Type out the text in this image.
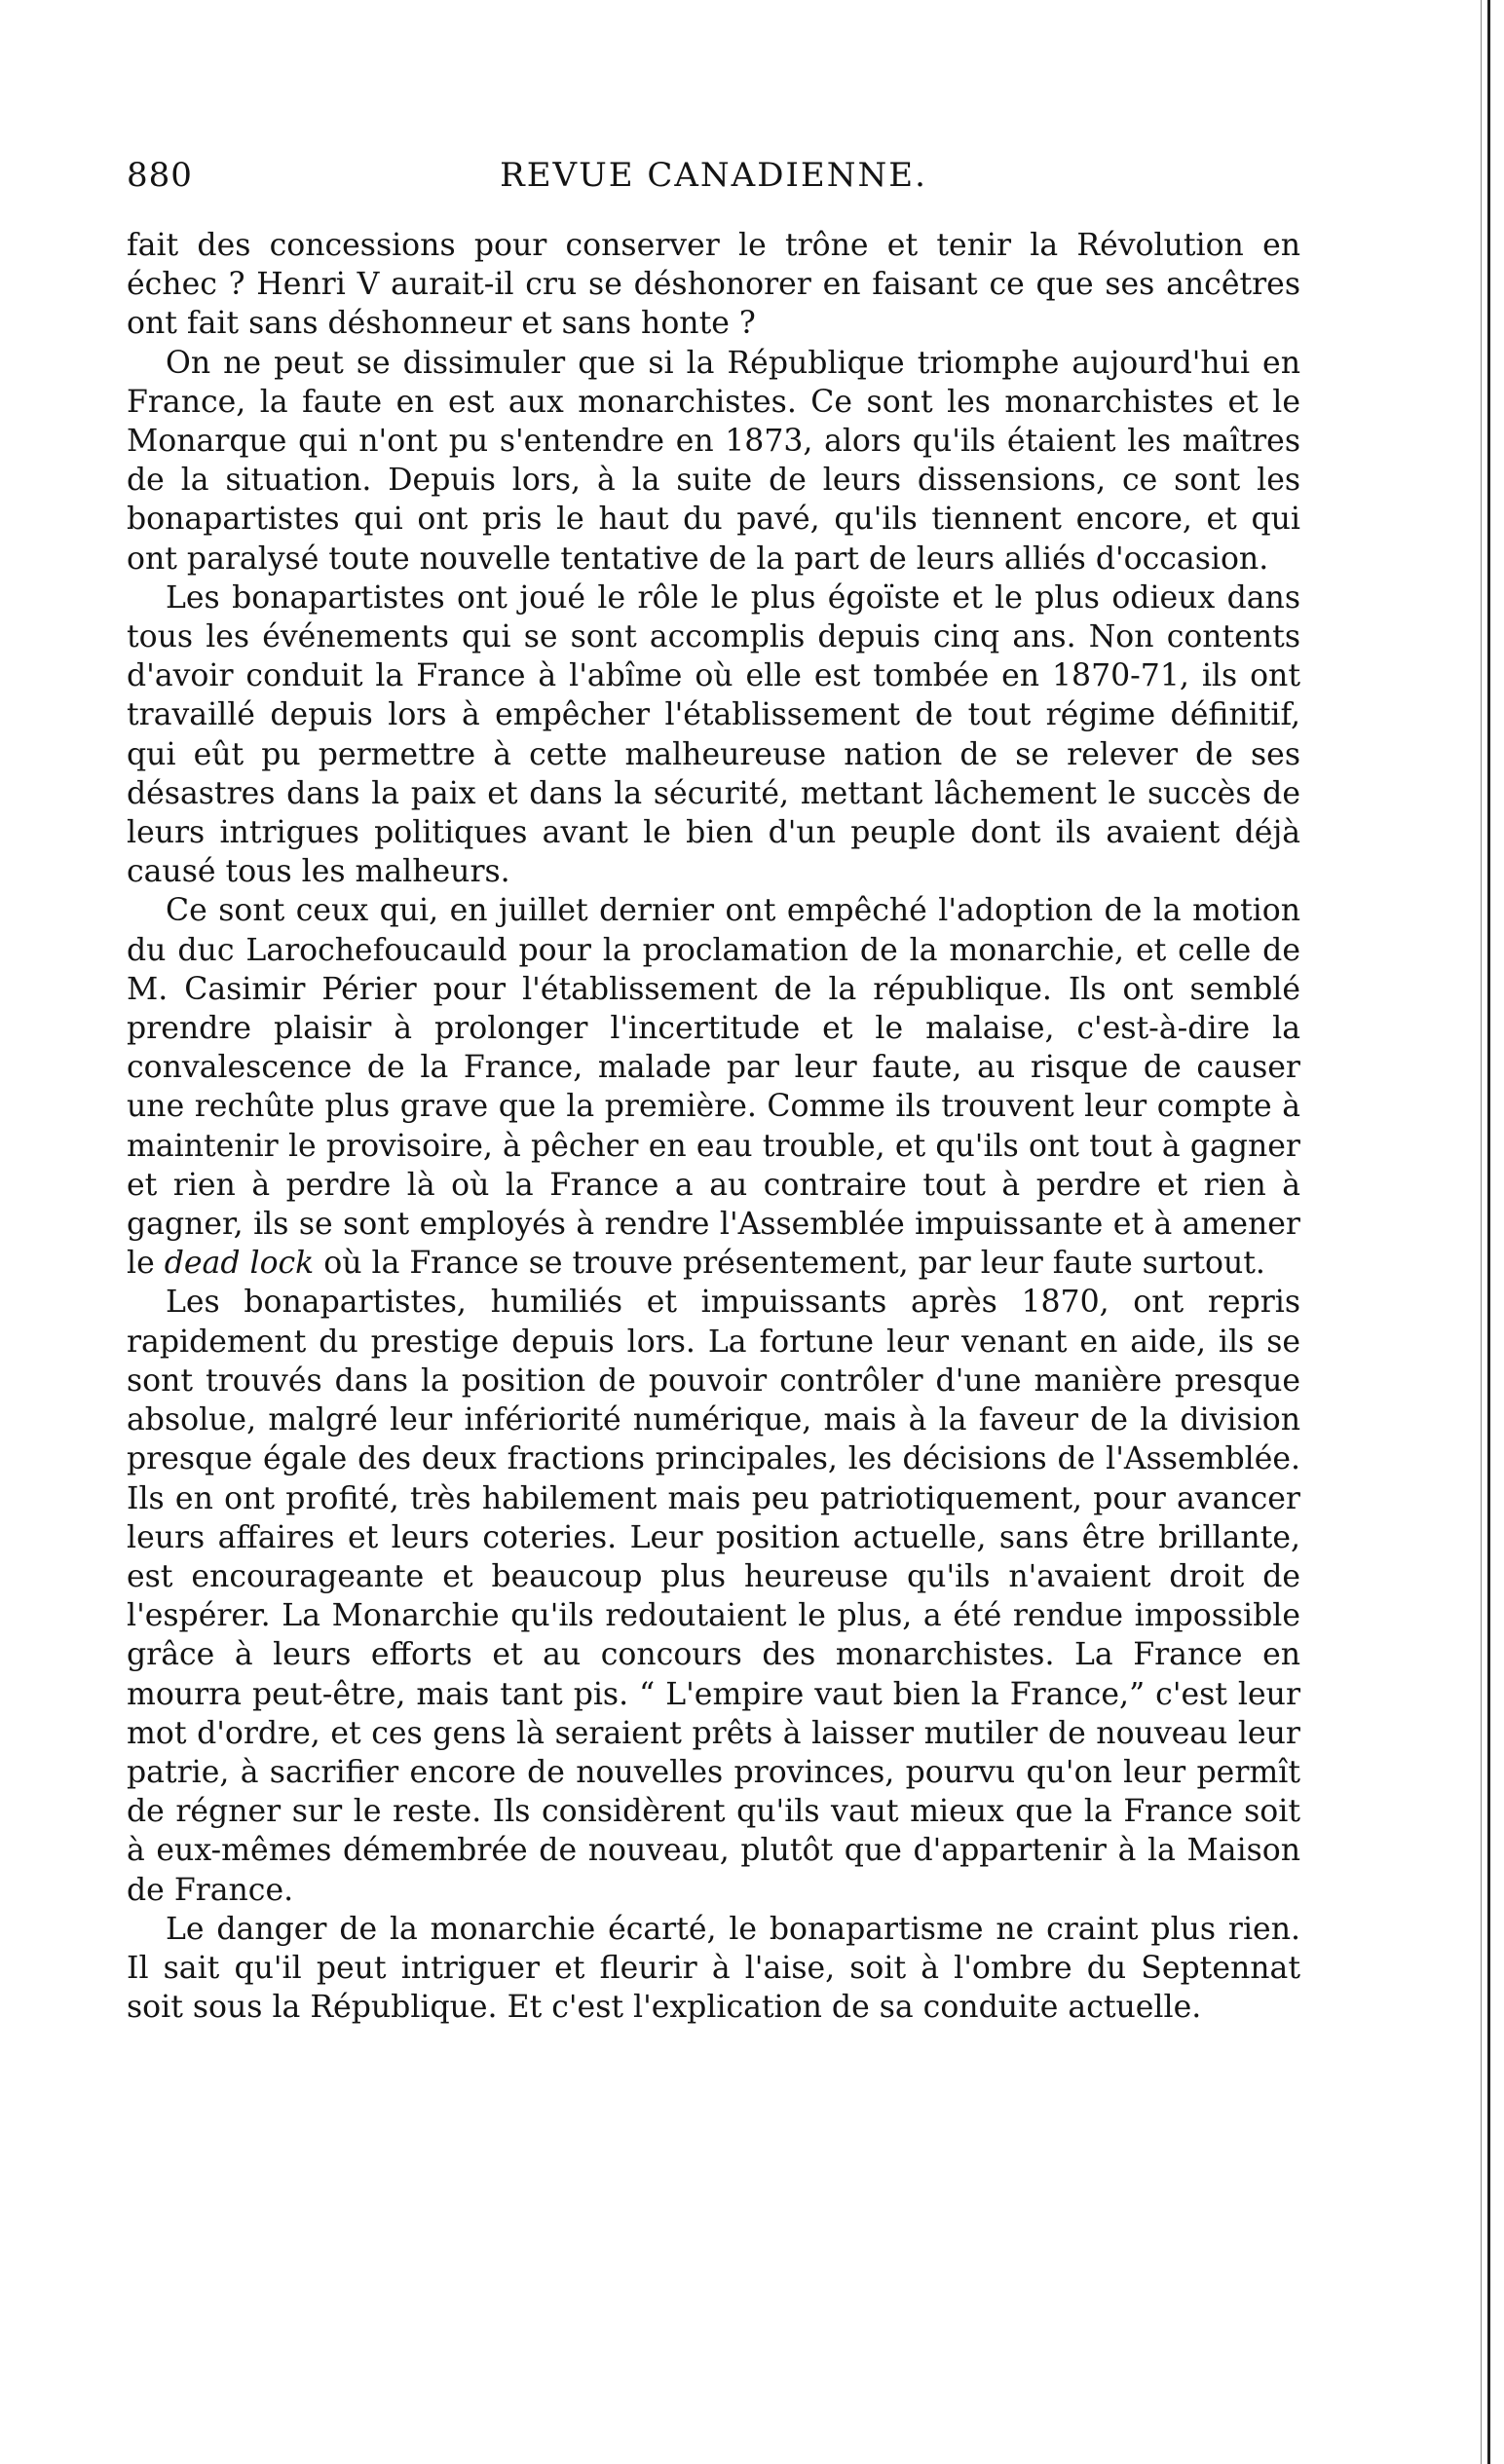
880	REVUE CANADIENNE.

fait des concessions pour conserver le trône et tenir la Révolution en échec ? Henri V aurait-il cru se déshonorer en faisant ce que ses ancêtres ont fait sans déshonneur et sans honte ?

On ne peut se dissimuler que si la République triomphe aujourd'hui en France, la faute en est aux monarchistes. Ce sont les monarchistes et le Monarque qui n'ont pu s'entendre en 1873, alors qu'ils étaient les maîtres de la situation. Depuis lors, à la suite de leurs dissensions, ce sont les bonapartistes qui ont pris le haut du pavé, qu'ils tiennent encore, et qui ont paralysé toute nouvelle tentative de la part de leurs alliés d'occasion.

Les bonapartistes ont joué le rôle le plus égoïste et le plus odieux dans tous les événements qui se sont accomplis depuis cinq ans. Non contents d'avoir conduit la France à l'abîme où elle est tombée en 1870-71, ils ont travaillé depuis lors à empêcher l'établissement de tout régime définitif, qui eût pu permettre à cette malheureuse nation de se relever de ses désastres dans la paix et dans la sécurité, mettant lâchement le succès de leurs intrigues politiques avant le bien d'un peuple dont ils avaient déjà causé tous les malheurs.

Ce sont ceux qui, en juillet dernier ont empêché l'adoption de la motion du duc Larochefoucauld pour la proclamation de la monarchie, et celle de M. Casimir Périer pour l'établissement de la république. Ils ont semblé prendre plaisir à prolonger l'incertitude et le malaise, c'est-à-dire la convalescence de la France, malade par leur faute, au risque de causer une rechûte plus grave que la première. Comme ils trouvent leur compte à maintenir le provisoire, à pêcher en eau trouble, et qu'ils ont tout à gagner et rien à perdre là où la France a au contraire tout à perdre et rien à gagner, ils se sont employés à rendre l'Assemblée impuissante et à amener le dead lock où la France se trouve présentement, par leur faute surtout.

Les bonapartistes, humiliés et impuissants après 1870, ont repris rapidement du prestige depuis lors. La fortune leur venant en aide, ils se sont trouvés dans la position de pouvoir contrôler d'une manière presque absolue, malgré leur infériorité numérique, mais à la faveur de la division presque égale des deux fractions principales, les décisions de l'Assemblée. Ils en ont profité, très habilement mais peu patriotiquement, pour avancer leurs affaires et leurs coteries. Leur position actuelle, sans être brillante, est encourageante et beaucoup plus heureuse qu'ils n'avaient droit de l'espérer. La Monarchie qu'ils redoutaient le plus, a été rendue impossible grâce à leurs efforts et au concours des monarchistes. La France en mourra peut-être, mais tant pis. “ L'empire vaut bien la France,” c'est leur mot d'ordre, et ces gens là seraient prêts à laisser mutiler de nouveau leur patrie, à sacrifier encore de nouvelles provinces, pourvu qu'on leur permît de régner sur le reste. Ils considèrent qu'ils vaut mieux que la France soit à eux-mêmes démembrée de nouveau, plutôt que d'appartenir à la Maison de France.

Le danger de la monarchie écarté, le bonapartisme ne craint plus rien. Il sait qu'il peut intriguer et fleurir à l'aise, soit à l'ombre du Septennat soit sous la République. Et c'est l'explication de sa conduite actuelle.
